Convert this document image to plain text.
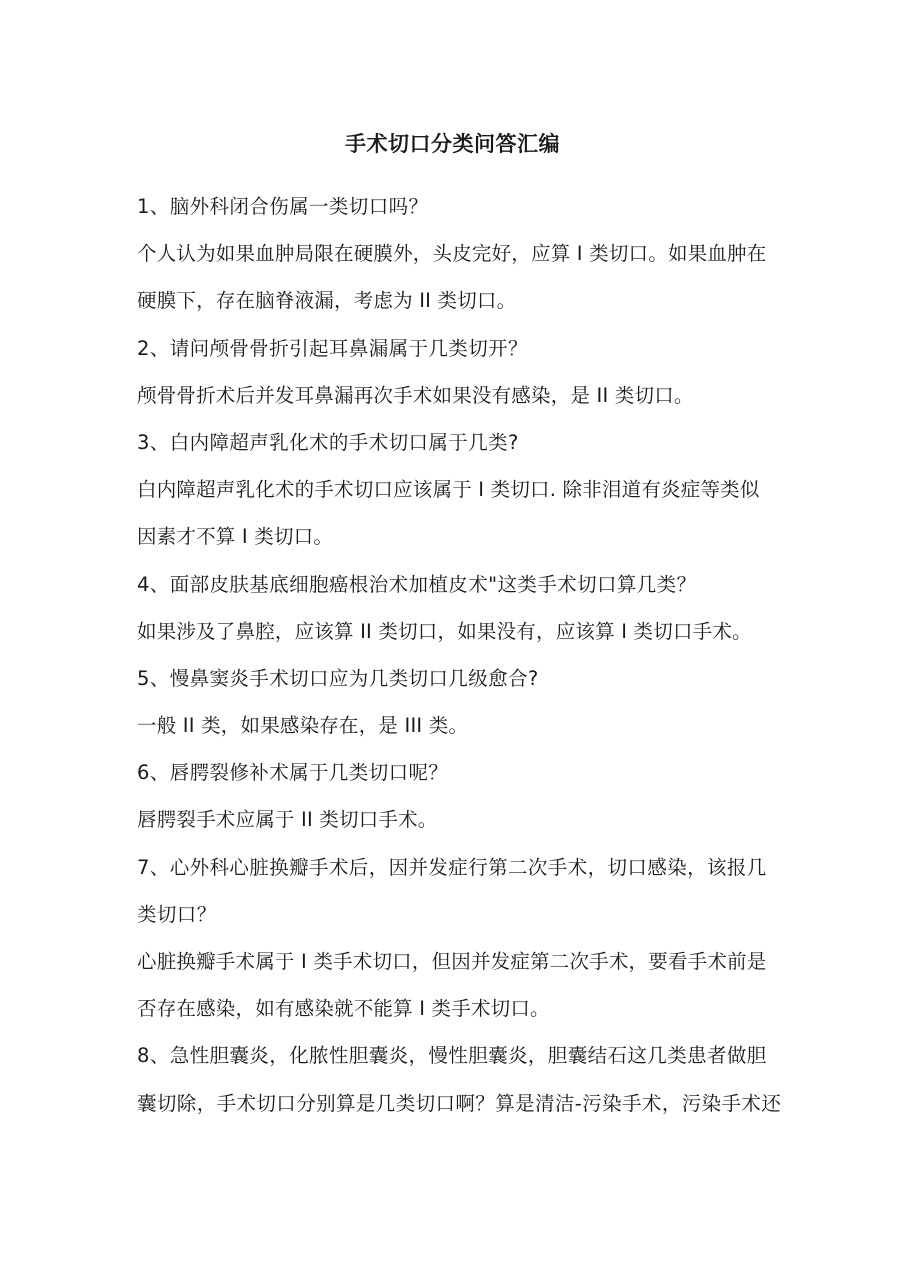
手术切口分类问答汇编
1、脑外科闭合伤属一类切口吗？
个人认为如果血肿局限在硬膜外，头皮完好，应算 I 类切口。如果血肿在
硬膜下，存在脑脊液漏，考虑为 II 类切口。
2、请问颅骨骨折引起耳鼻漏属于几类切开？
颅骨骨折术后并发耳鼻漏再次手术如果没有感染，是 II 类切口。
3、白内障超声乳化术的手术切口属于几类?
白内障超声乳化术的手术切口应该属于 I 类切口. 除非泪道有炎症等类似
因素才不算 I 类切口。
4、面部皮肤基底细胞癌根治术加植皮术"这类手术切口算几类？
如果涉及了鼻腔，应该算 II 类切口，如果没有，应该算 I 类切口手术。
5、慢鼻窦炎手术切口应为几类切口几级愈合?
一般 II 类，如果感染存在，是 III 类。
6、唇腭裂修补术属于几类切口呢？
唇腭裂手术应属于 II 类切口手术。
7、心外科心脏换瓣手术后，因并发症行第二次手术，切口感染，该报几
类切口？
心脏换瓣手术属于 I 类手术切口，但因并发症第二次手术，要看手术前是
否存在感染，如有感染就不能算 I 类手术切口。
8、急性胆囊炎，化脓性胆囊炎，慢性胆囊炎，胆囊结石这几类患者做胆
囊切除，手术切口分别算是几类切口啊？算是清洁-污染手术，污染手术还
